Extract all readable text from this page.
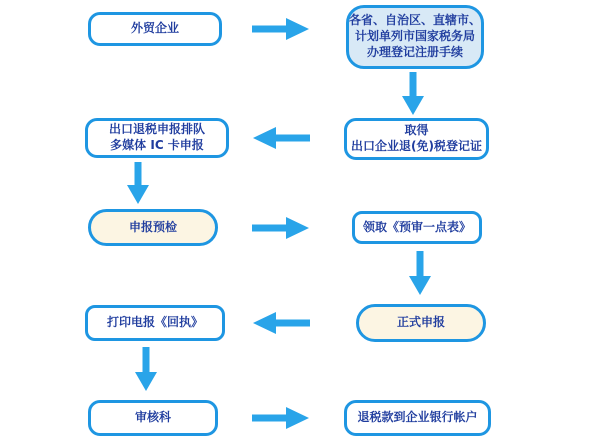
外贸企业
各省、自治区、直辖市、
计划单列市国家税务局
办理登记注册手续
取得
出口企业退(免)税登记证
出口退税申报排队
多媒体 IC 卡申报
申报预检	领取《预审一点表》
正式申报
打印电报《回执》
审核科	退税款到企业银行帐户
